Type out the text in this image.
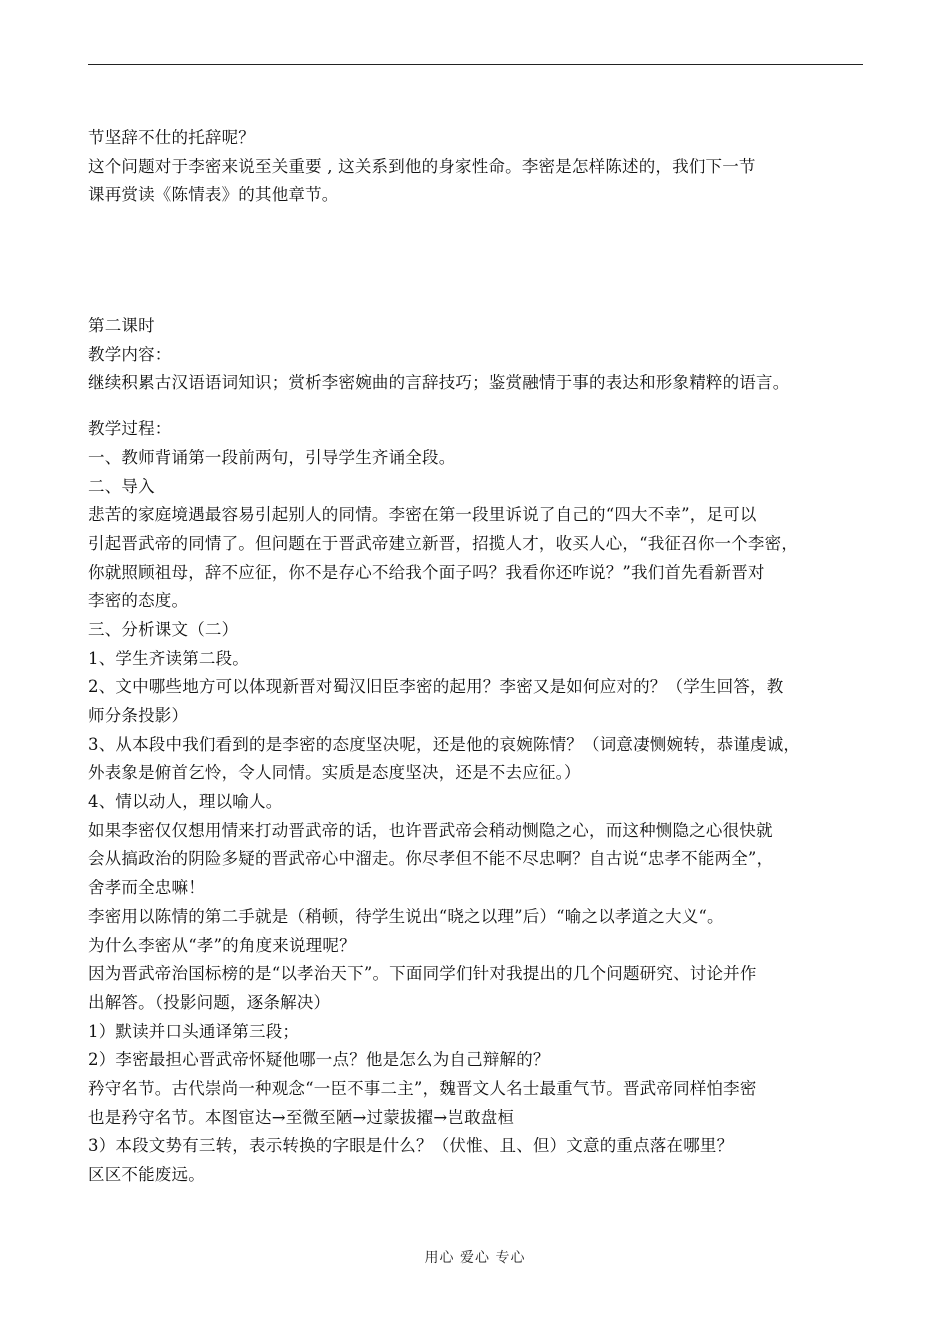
节坚辞不仕的托辞呢？
这个问题对于李密来说至关重要 , 这关系到他的身家性命。李密是怎样陈述的，我们下一节
课再赏读《陈情表》的其他章节。
第二课时
教学内容：
继续积累古汉语语词知识；赏析李密婉曲的言辞技巧；鉴赏融情于事的表达和形象精粹的语言。
教学过程：
一、教师背诵第一段前两句，引导学生齐诵全段。
二、导入
悲苦的家庭境遇最容易引起别人的同情。李密在第一段里诉说了自己的“四大不幸”，足可以
引起晋武帝的同情了。但问题在于晋武帝建立新晋，招揽人才，收买人心，“我征召你一个李密，
你就照顾祖母，辞不应征，你不是存心不给我个面子吗？我看你还咋说？”我们首先看新晋对
李密的态度。
三、分析课文（二）
1、学生齐读第二段。
2、文中哪些地方可以体现新晋对蜀汉旧臣李密的起用？李密又是如何应对的？（学生回答，教
师分条投影）
3、从本段中我们看到的是李密的态度坚决呢，还是他的哀婉陈情？（词意凄恻婉转，恭谨虔诚，
外表象是俯首乞怜，令人同情。实质是态度坚决，还是不去应征。）
4、情以动人，理以喻人。
如果李密仅仅想用情来打动晋武帝的话，也许晋武帝会稍动恻隐之心，而这种恻隐之心很快就
会从搞政治的阴险多疑的晋武帝心中溜走。你尽孝但不能不尽忠啊？自古说“忠孝不能两全”，
舍孝而全忠嘛！
李密用以陈情的第二手就是（稍顿，待学生说出“晓之以理”后）“喻之以孝道之大义“。
为什么李密从“孝”的角度来说理呢？
因为晋武帝治国标榜的是“以孝治天下”。下面同学们针对我提出的几个问题研究、讨论并作
出解答。（投影问题，逐条解决）
1）默读并口头通译第三段；
2）李密最担心晋武帝怀疑他哪一点？他是怎么为自己辩解的？
矜守名节。古代崇尚一种观念“一臣不事二主”，魏晋文人名士最重气节。晋武帝同样怕李密
也是矜守名节。本图宦达→至微至陋→过蒙拔擢→岂敢盘桓
3）本段文势有三转，表示转换的字眼是什么？（伏惟、且、但）文意的重点落在哪里？
区区不能废远。
用心 爱心 专心
